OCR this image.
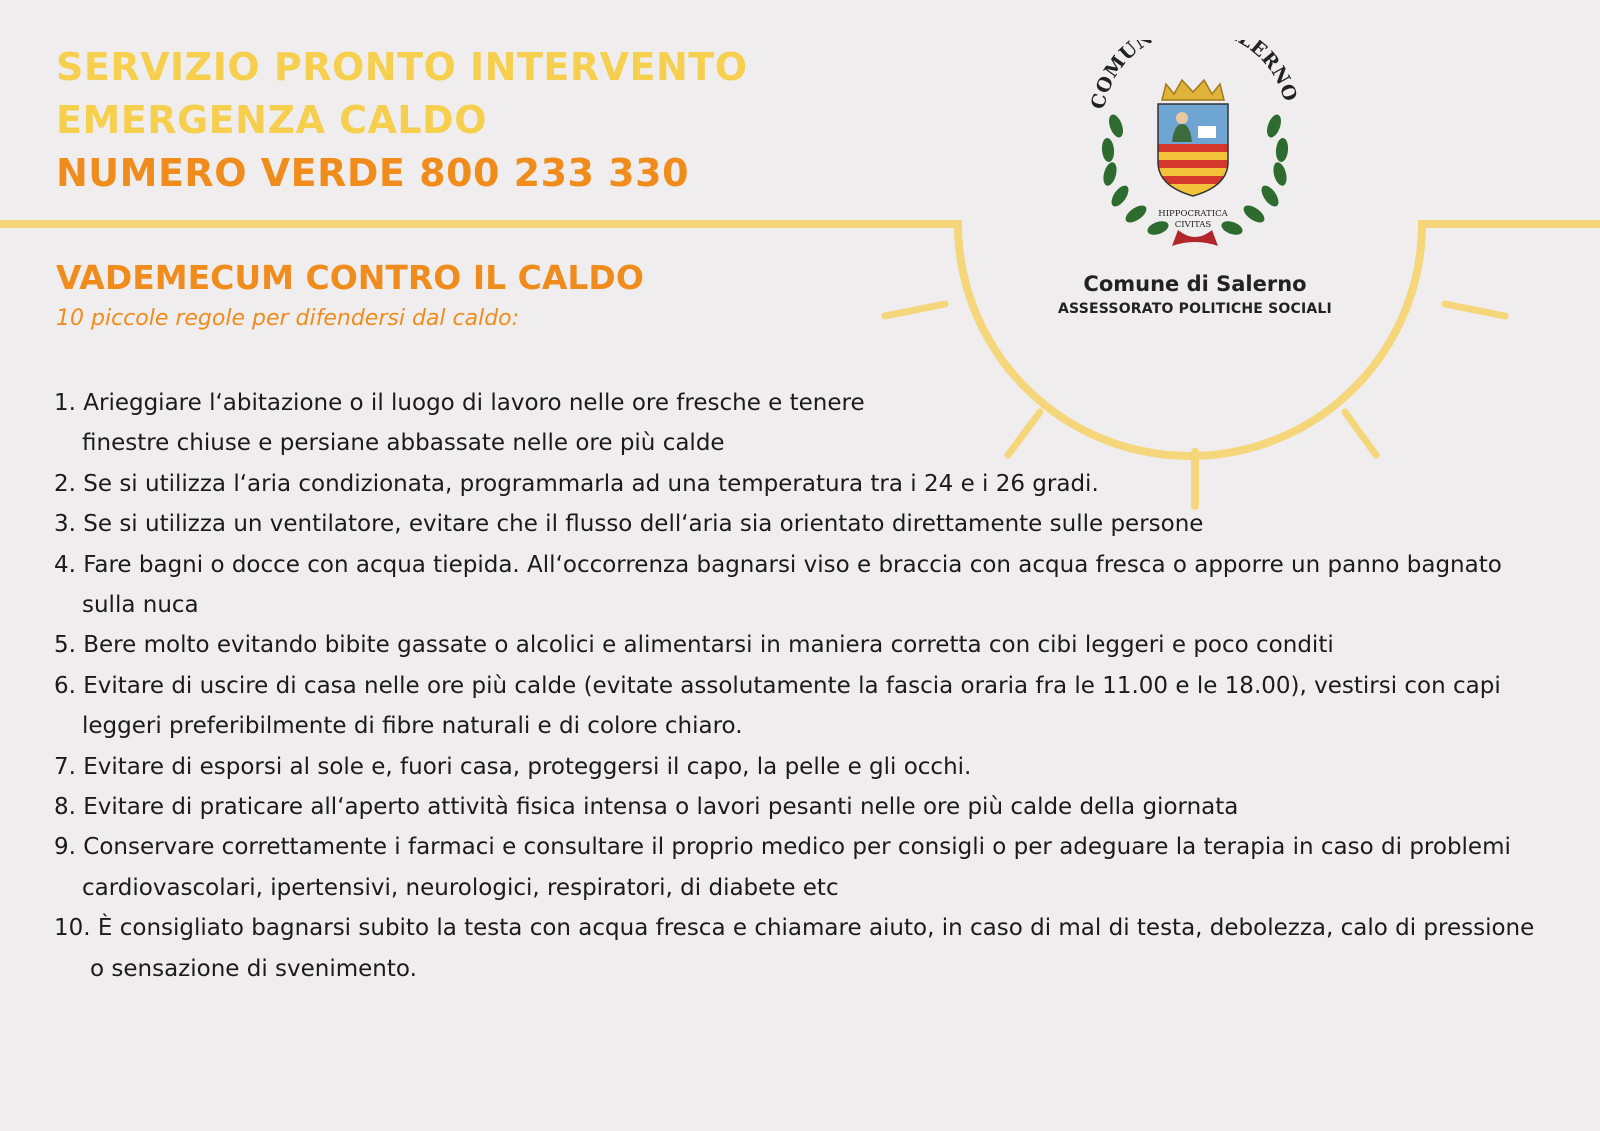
SERVIZIO PRONTO INTERVENTO
EMERGENZA CALDO
NUMERO VERDE 800 233 330
COMU ERNO
HIPPOCRATICA
CIVITAS

Comune di Salerno

ASSESSORATO POLITICHE SOCIALI

VADEMECUM CONTRO IL CALDO

10 piccole regole per difendersi dal caldo:

1. Arieggiare l‘abitazione o il luogo di lavoro nelle ore fresche e tenere finestre chiuse e persiane abbassate nelle ore più calde
2. Se si utilizza l‘aria condizionata, programmarla ad una temperatura tra i 24 e i 26 gradi.
3. Se si utilizza un ventilatore, evitare che il flusso dell‘aria sia orientato direttamente sulle persone
4. Fare bagni o docce con acqua tiepida. All‘occorrenza bagnarsi viso e braccia con acqua fresca o apporre un panno bagnato sulla nuca
5. Bere molto evitando bibite gassate o alcolici e alimentarsi in maniera corretta con cibi leggeri e poco conditi
6. Evitare di uscire di casa nelle ore più calde (evitate assolutamente la fascia oraria fra le 11.00 e le 18.00), vestirsi con capi leggeri preferibilmente di fibre naturali e di colore chiaro.
7. Evitare di esporsi al sole e, fuori casa, proteggersi il capo, la pelle e gli occhi.
8. Evitare di praticare all‘aperto attività fisica intensa o lavori pesanti nelle ore più calde della giornata
9. Conservare correttamente i farmaci e consultare il proprio medico per consigli o per adeguare la terapia in caso di problemi cardiovascolari, ipertensivi, neurologici, respiratori, di diabete etc
10. È consigliato bagnarsi subito la testa con acqua fresca e chiamare aiuto, in caso di mal di testa, debolezza, calo di pressione o sensazione di svenimento.
